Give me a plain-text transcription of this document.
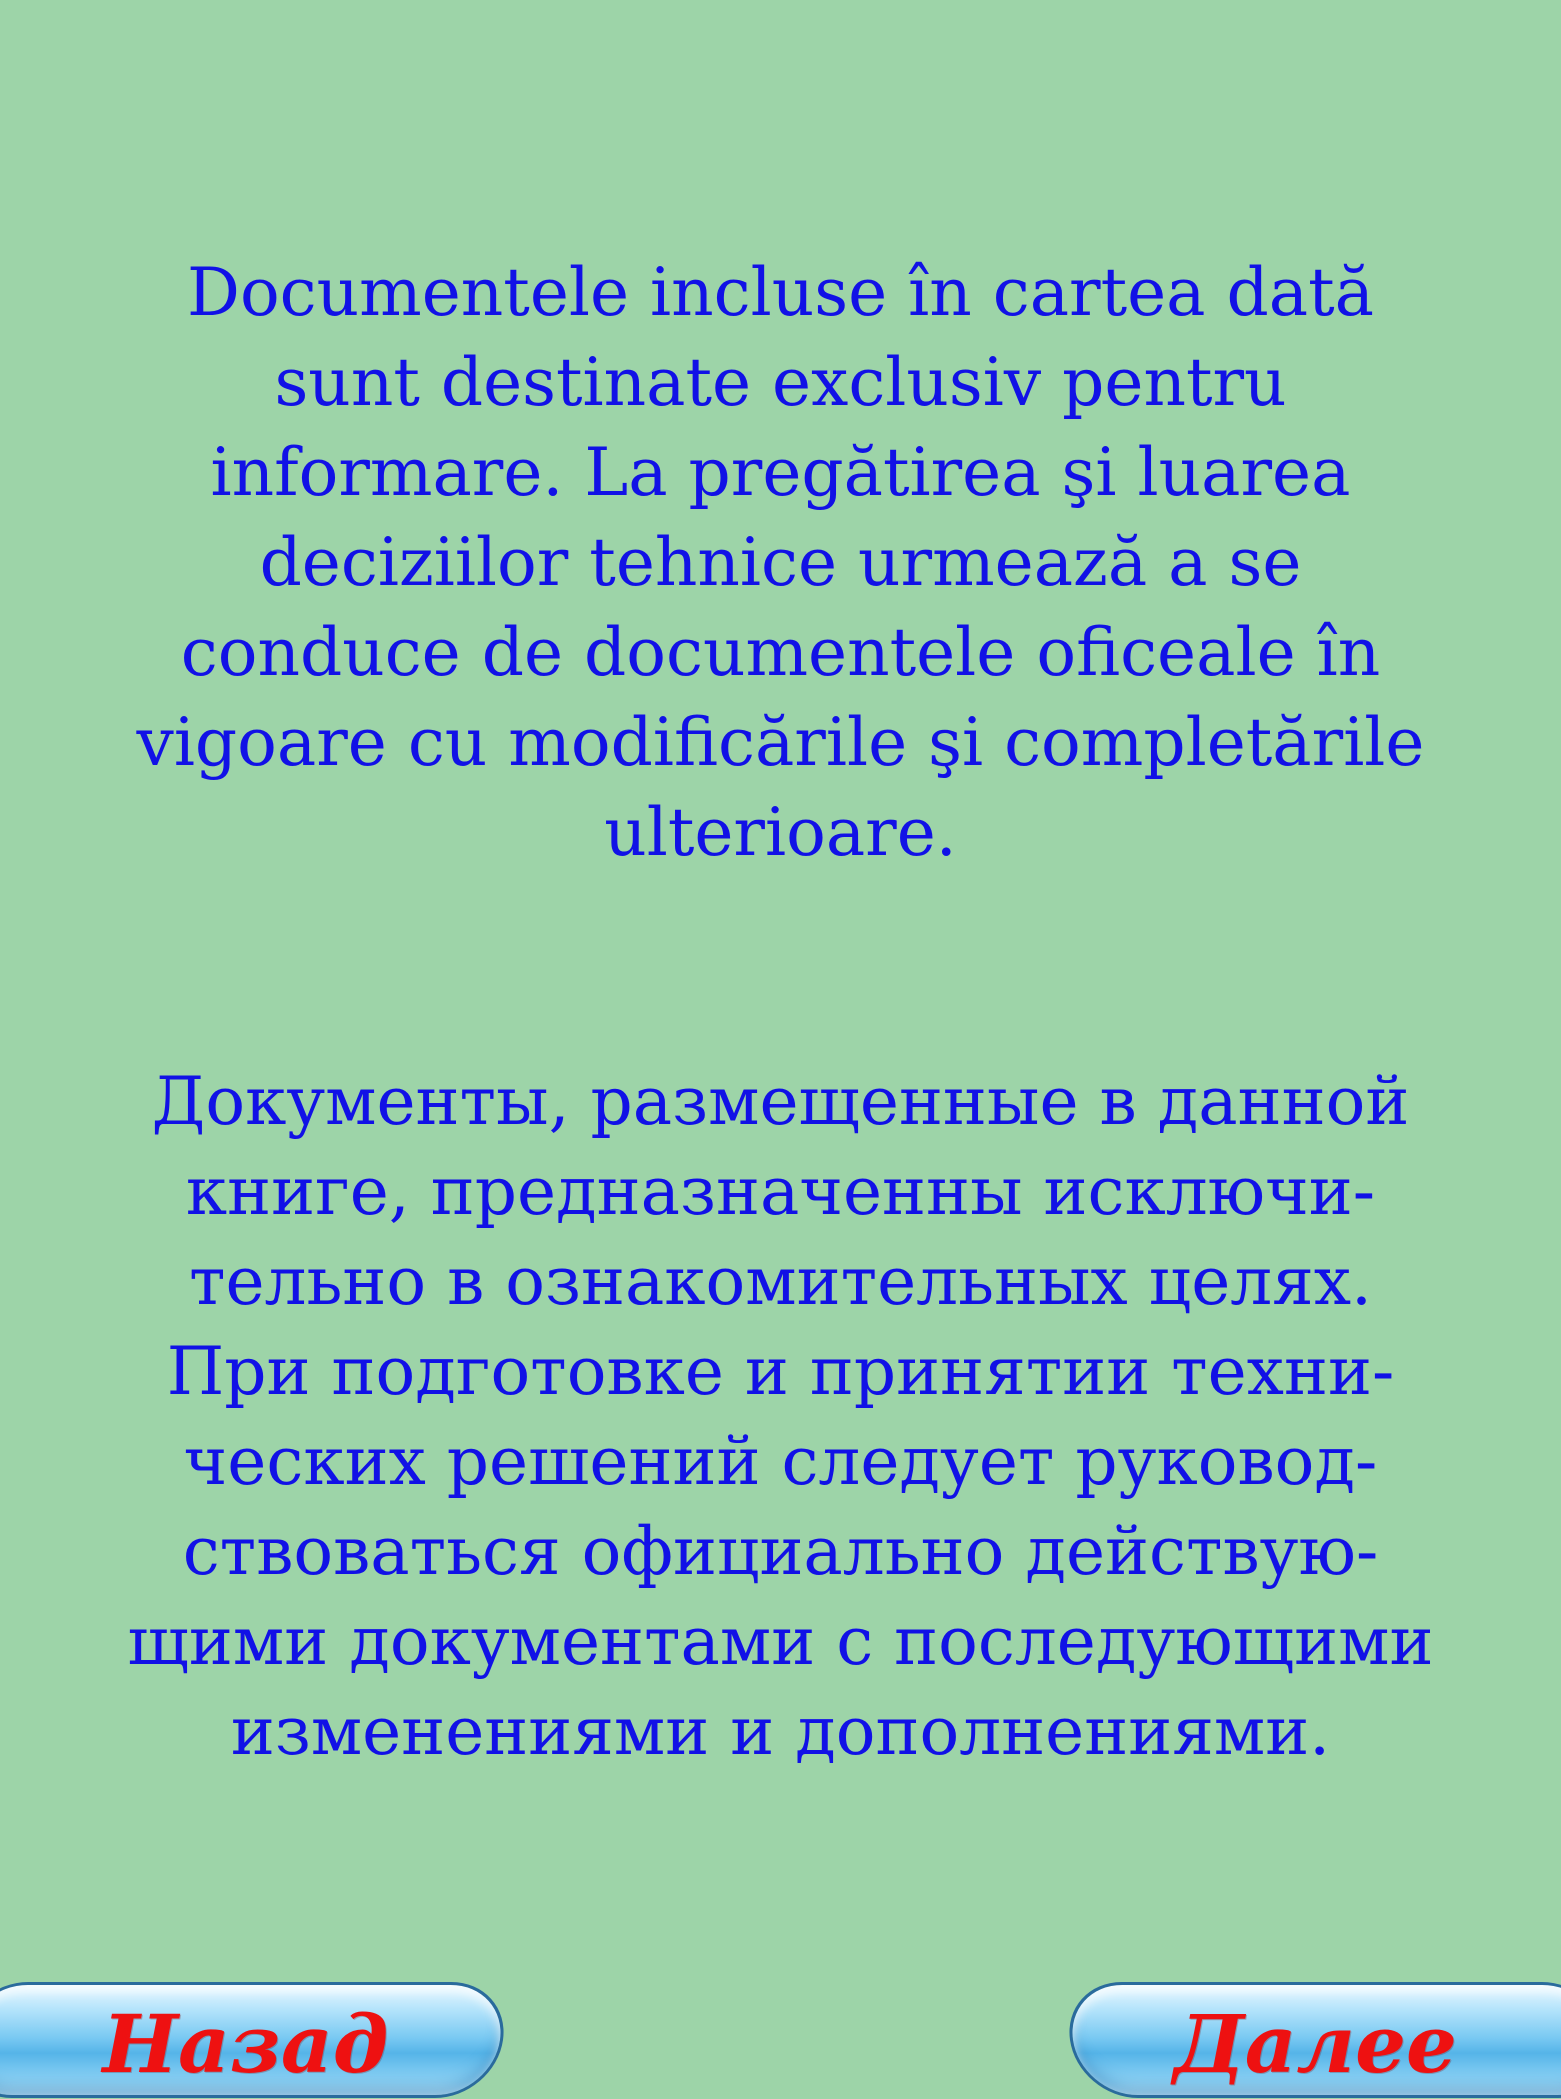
Documentele incluse în cartea dată
sunt destinate exclusiv pentru
informare. La pregătirea şi luarea
deciziilor tehnice urmează a se
conduce de documentele oficeale în
vigoare cu modificările şi completările
ulterioare.

Документы, размещенные в данной
книге, предназначенны исключи-
тельно в ознакомительных целях.
При подготовке и принятии техни-
ческих решений следует руковод-
ствоваться официально действую-
щими документами с последующими
изменениями и дополнениями.

Назад	Далее
